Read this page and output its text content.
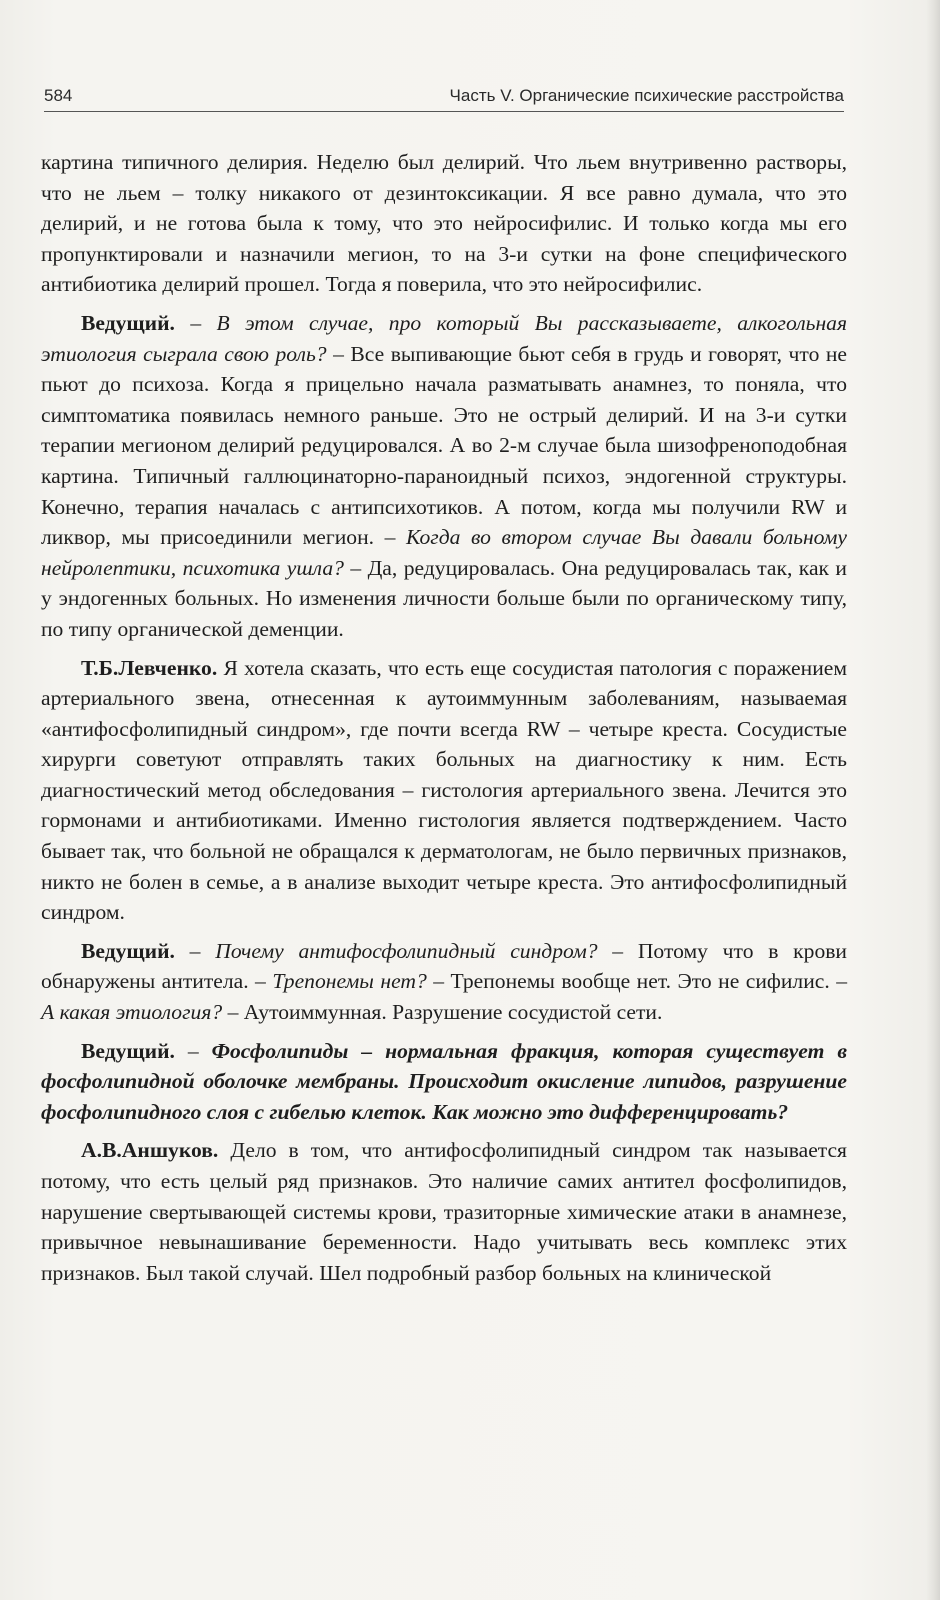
584	Часть V. Органические психические расстройства

картина типичного делирия. Неделю был делирий. Что льем внутривенно растворы, что не льем – толку никакого от дезинтоксикации. Я все равно думала, что это делирий, и не готова была к тому, что это нейросифилис. И только когда мы его пропунктировали и назначили мегион, то на 3-и сутки на фоне специфического антибиотика делирий прошел. Тогда я поверила, что это нейросифилис.

Ведущий. – В этом случае, про который Вы рассказываете, алкогольная этиология сыграла свою роль? – Все выпивающие бьют себя в грудь и говорят, что не пьют до психоза. Когда я прицельно начала разматывать анамнез, то поняла, что симптоматика появилась немного раньше. Это не острый делирий. И на 3-и сутки терапии мегионом делирий редуцировался. А во 2-м случае была шизофреноподобная картина. Типичный галлюцинаторно-параноидный психоз, эндогенной структуры. Конечно, терапия началась с антипсихотиков. А потом, когда мы получили RW и ликвор, мы присоединили мегион. – Когда во втором случае Вы давали больному нейролептики, психотика ушла? – Да, редуцировалась. Она редуцировалась так, как и у эндогенных больных. Но изменения личности больше были по органическому типу, по типу органической деменции.

Т.Б.Левченко. Я хотела сказать, что есть еще сосудистая патология с поражением артериального звена, отнесенная к аутоиммунным заболеваниям, называемая «антифосфолипидный синдром», где почти всегда RW – четыре креста. Сосудистые хирурги советуют отправлять таких больных на диагностику к ним. Есть диагностический метод обследования – гистология артериального звена. Лечится это гормонами и антибиотиками. Именно гистология является подтверждением. Часто бывает так, что больной не обращался к дерматологам, не было первичных признаков, никто не болен в семье, а в анализе выходит четыре креста. Это антифосфолипидный синдром.

Ведущий. – Почему антифосфолипидный синдром? – Потому что в крови обнаружены антитела. – Трепонемы нет? – Трепонемы вообще нет. Это не сифилис. – А какая этиология? – Аутоиммунная. Разрушение сосудистой сети.

Ведущий. – Фосфолипиды – нормальная фракция, которая существует в фосфолипидной оболочке мембраны. Происходит окисление липидов, разрушение фосфолипидного слоя с гибелью клеток. Как можно это дифференцировать?

А.В.Аншуков. Дело в том, что антифосфолипидный синдром так называется потому, что есть целый ряд признаков. Это наличие самих антител фосфолипидов, нарушение свертывающей системы крови, тразиторные химические атаки в анамнезе, привычное невынашивание беременности. Надо учитывать весь комплекс этих признаков. Был такой случай. Шел подробный разбор больных на клинической
